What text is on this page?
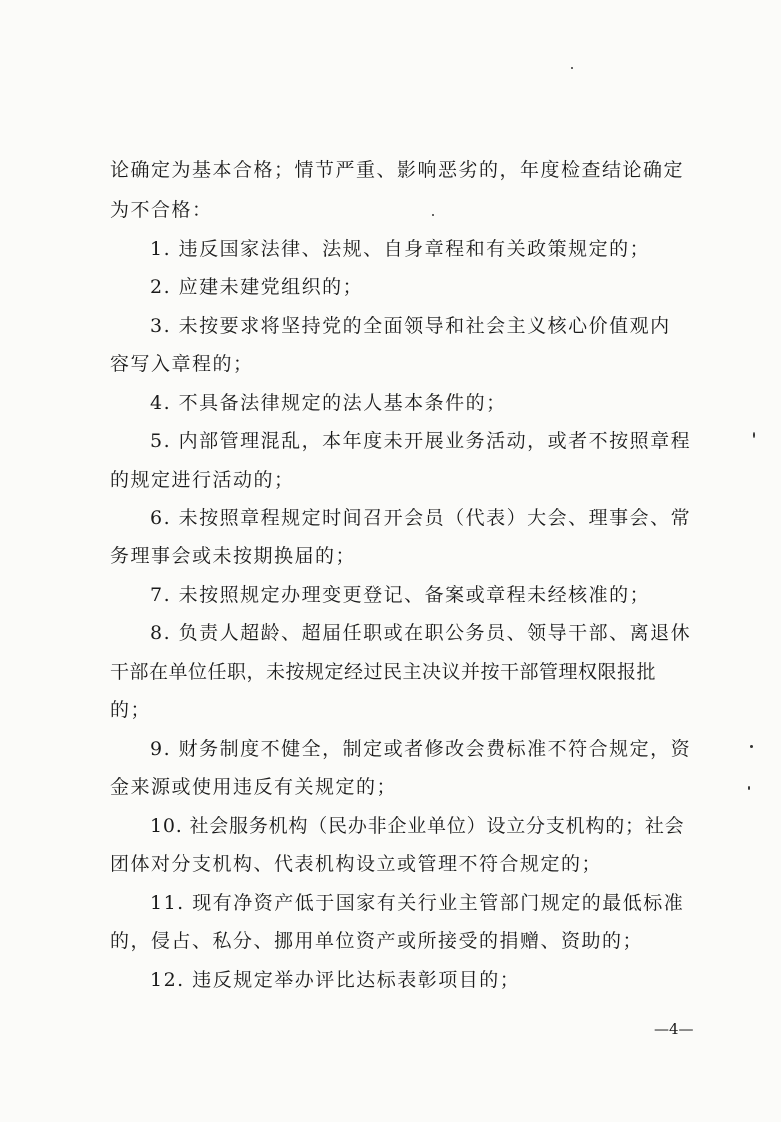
论确定为基本合格；情节严重、影响恶劣的，年度检查结论确定
为不合格：
1. 违反国家法律、法规、自身章程和有关政策规定的；
2. 应建未建党组织的；
3. 未按要求将坚持党的全面领导和社会主义核心价值观内
容写入章程的；
4. 不具备法律规定的法人基本条件的；
5. 内部管理混乱，本年度未开展业务活动，或者不按照章程
的规定进行活动的；
6. 未按照章程规定时间召开会员（代表）大会、理事会、常
务理事会或未按期换届的；
7. 未按照规定办理变更登记、备案或章程未经核准的；
8. 负责人超龄、超届任职或在职公务员、领导干部、离退休
干部在单位任职，未按规定经过民主决议并按干部管理权限报批
的；
9. 财务制度不健全，制定或者修改会费标准不符合规定，资
金来源或使用违反有关规定的；
10. 社会服务机构（民办非企业单位）设立分支机构的；社会
团体对分支机构、代表机构设立或管理不符合规定的；
11. 现有净资产低于国家有关行业主管部门规定的最低标准
的，侵占、私分、挪用单位资产或所接受的捐赠、资助的；
12. 违反规定举办评比达标表彰项目的；
—4—
